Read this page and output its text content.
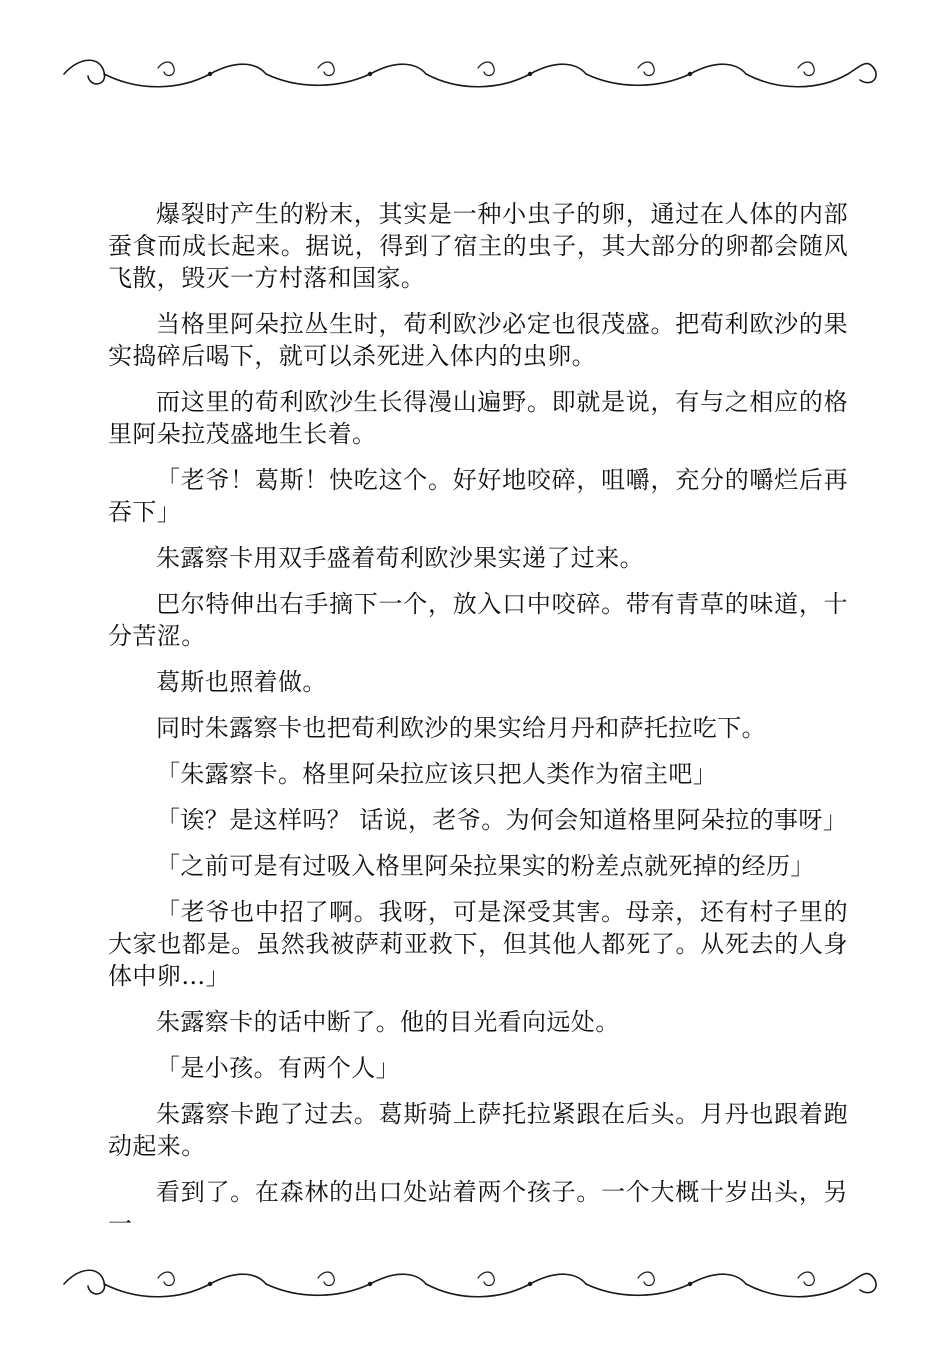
爆裂时产生的粉末，其实是一种小虫子的卵，通过在人体的内部蚕食而成长起来。据说，得到了宿主的虫子，其大部分的卵都会随风飞散，毁灭一方村落和国家。

当格里阿朵拉丛生时，荀利欧沙必定也很茂盛。把荀利欧沙的果实捣碎后喝下，就可以杀死进入体内的虫卵。

而这里的荀利欧沙生长得漫山遍野。即就是说，有与之相应的格里阿朵拉茂盛地生长着。

「老爷！葛斯！快吃这个。好好地咬碎，咀嚼，充分的嚼烂后再吞下」

朱露察卡用双手盛着荀利欧沙果实递了过来。

巴尔特伸出右手摘下一个，放入口中咬碎。带有青草的味道，十分苦涩。

葛斯也照着做。

同时朱露察卡也把荀利欧沙的果实给月丹和萨托拉吃下。

「朱露察卡。格里阿朵拉应该只把人类作为宿主吧」

「诶？是这样吗？ 话说，老爷。为何会知道格里阿朵拉的事呀」

「之前可是有过吸入格里阿朵拉果实的粉差点就死掉的经历」

「老爷也中招了啊。我呀，可是深受其害。母亲，还有村子里的大家也都是。虽然我被萨莉亚救下，但其他人都死了。从死去的人身体中卵…」

朱露察卡的话中断了。他的目光看向远处。

「是小孩。有两个人」

朱露察卡跑了过去。葛斯骑上萨托拉紧跟在后头。月丹也跟着跑动起来。

看到了。在森林的出口处站着两个孩子。一个大概十岁出头，另一
